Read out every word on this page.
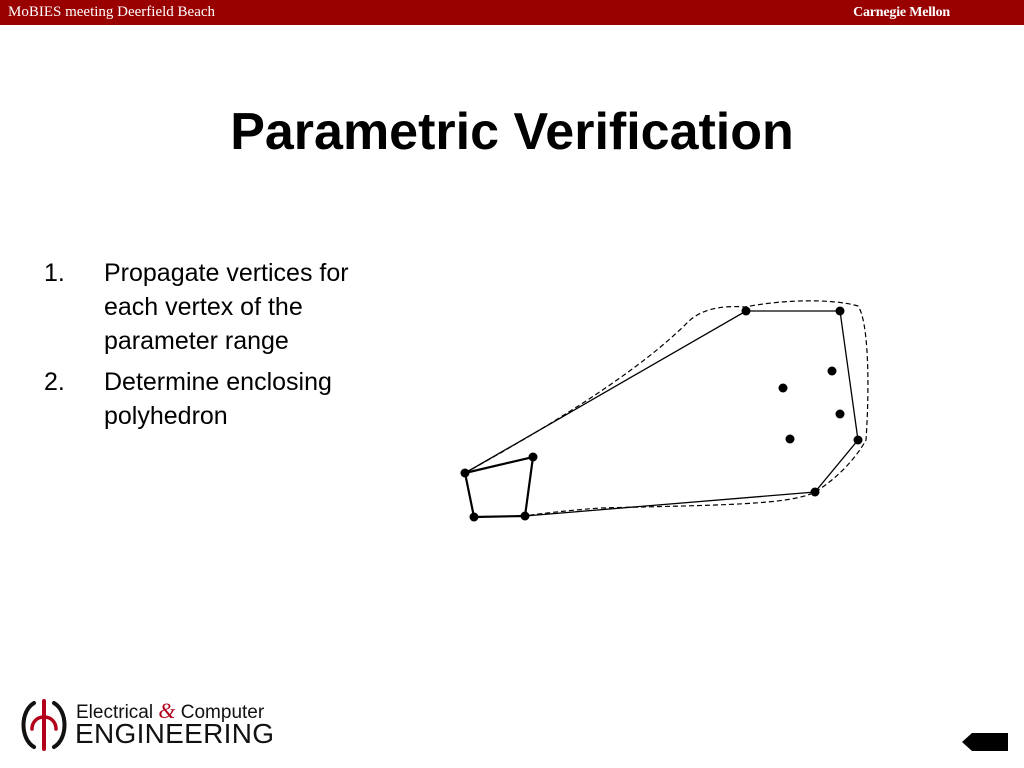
MoBIES meeting Deerfield Beach	Carnegie Mellon
Parametric Verification
1. Propagate vertices for each vertex of the parameter range
2. Determine enclosing polyhedron
Electrical & Computer
ENGINEERING
